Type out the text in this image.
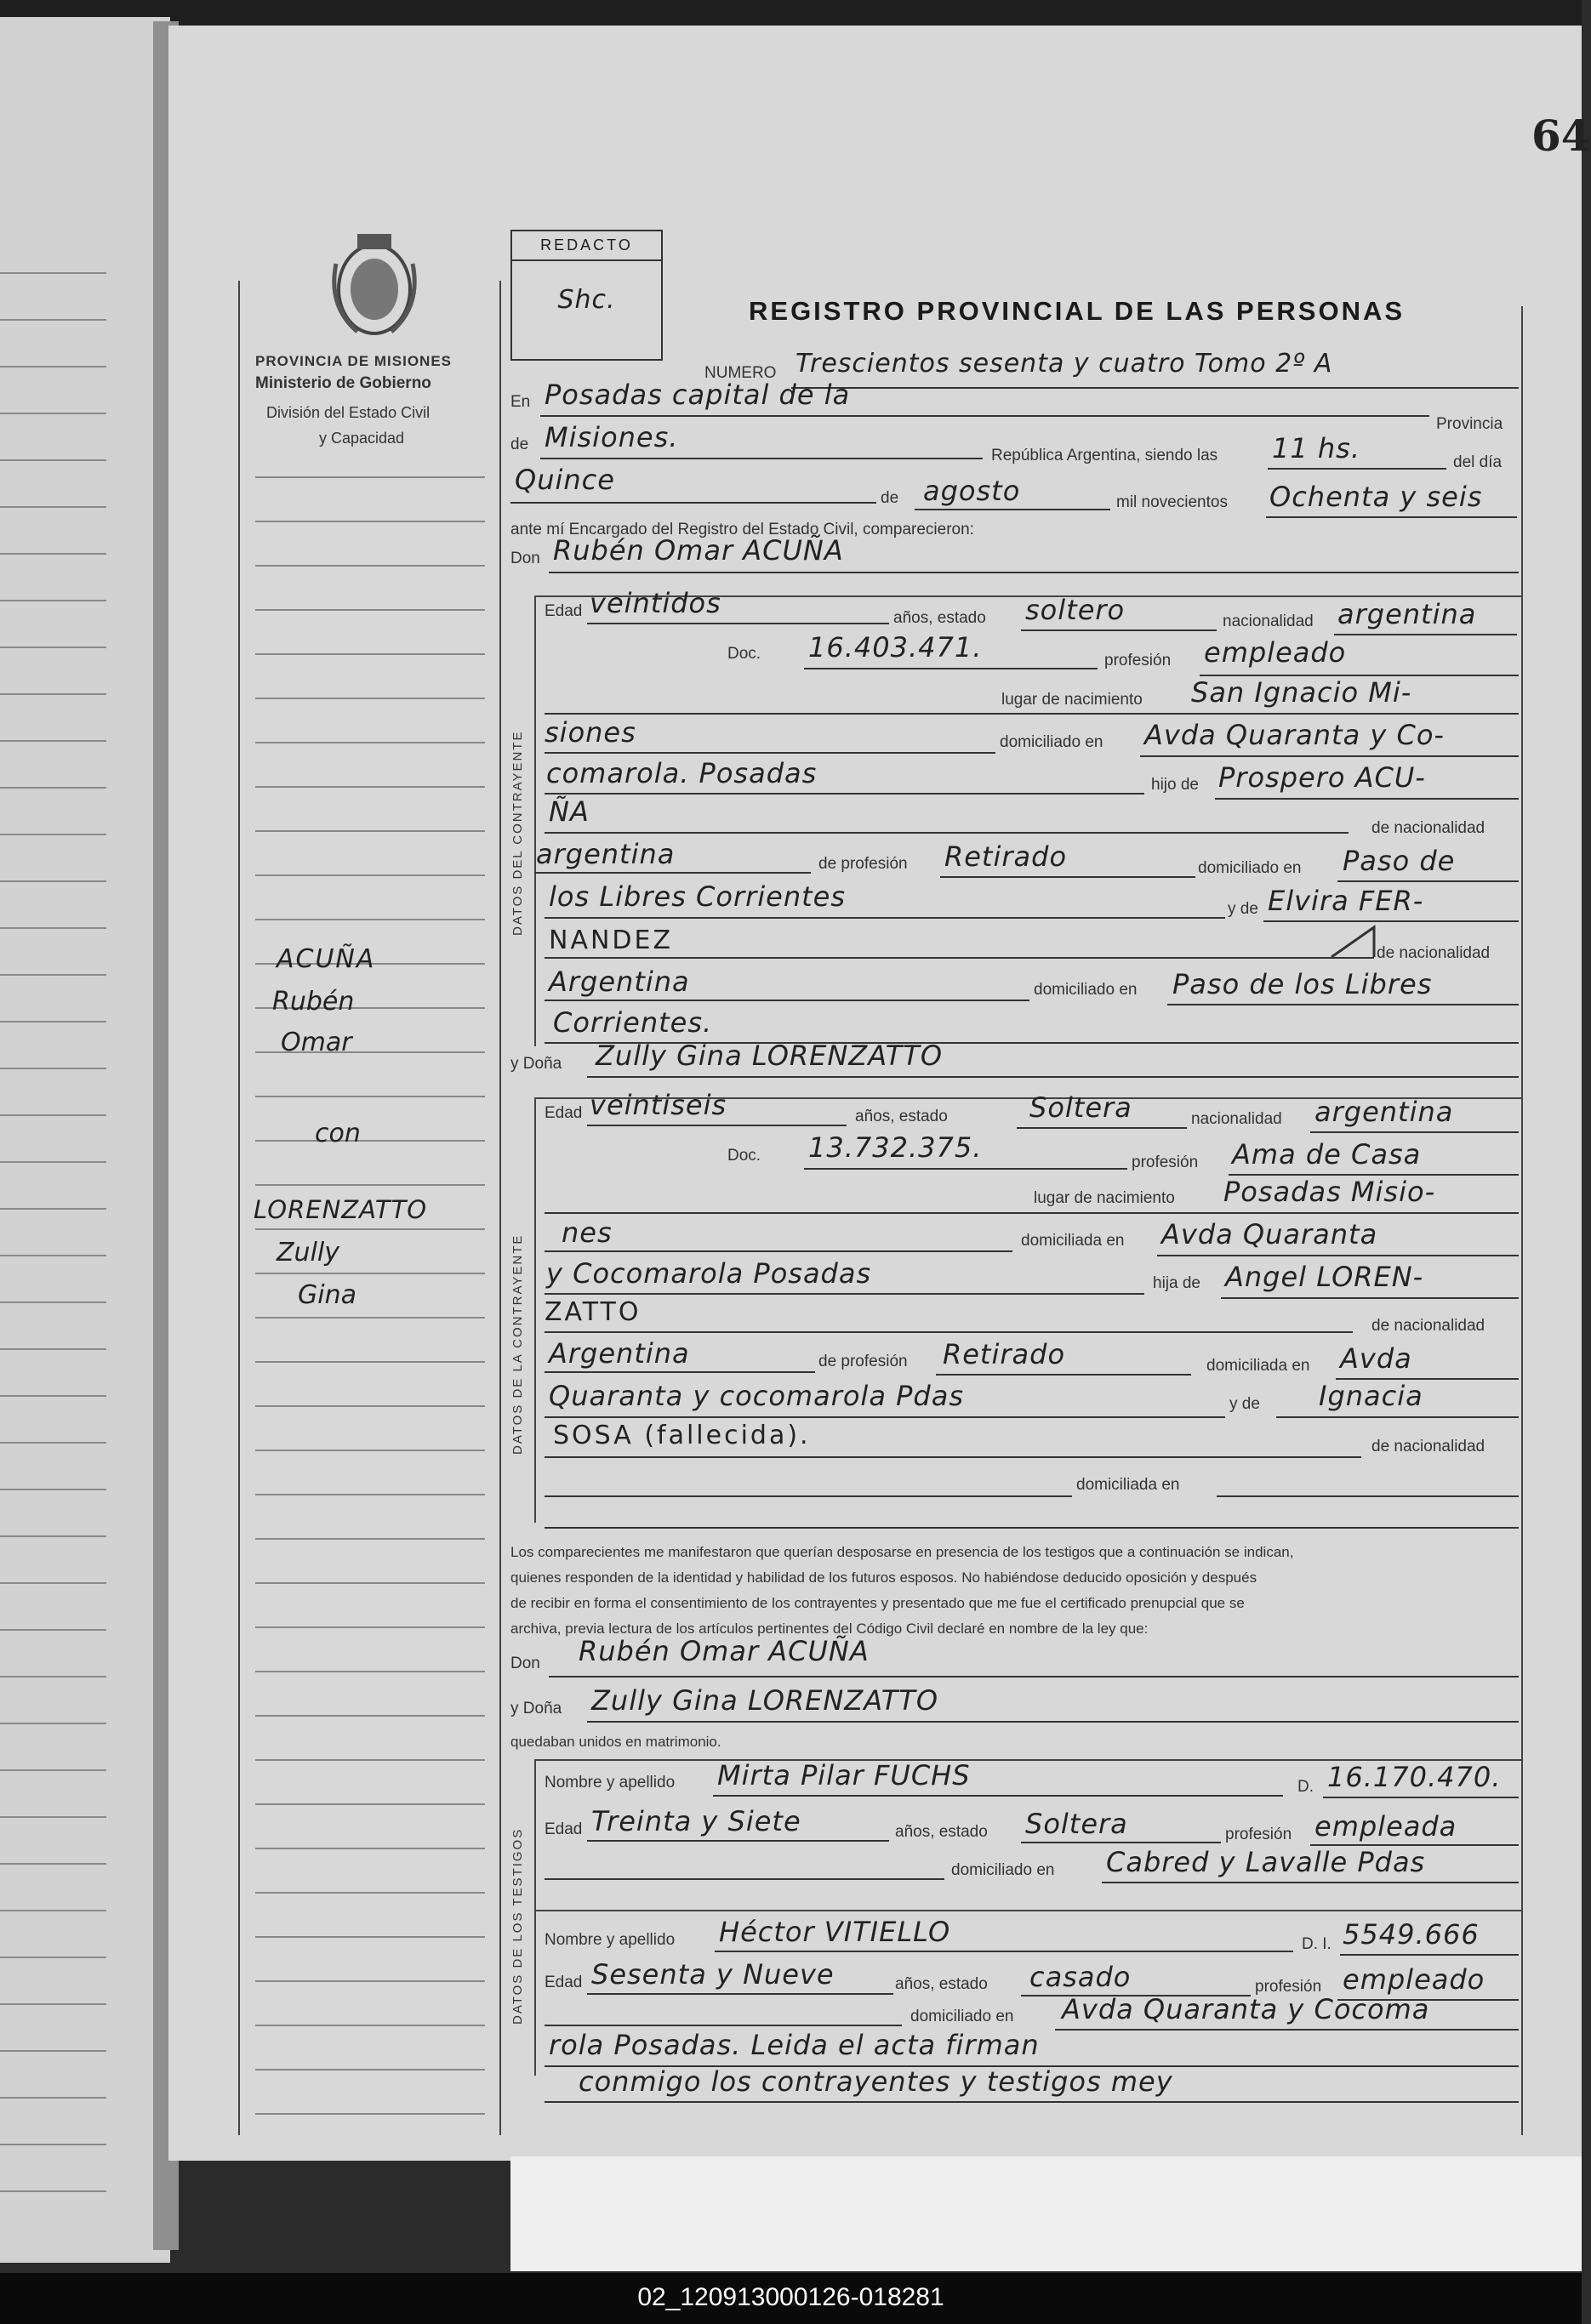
64
PROVINCIA DE MISIONES
Ministerio de Gobierno
División del Estado Civil
y Capacidad
REDACTO
Shc.	REGISTRO PROVINCIAL DE LAS PERSONAS
ACUÑA
Rubén
Omar
con
LORENZATTO
Zully
Gina
DATOS DEL CONTRAYENTE
DATOS DE LA CONTRAYENTE
DATOS DE LOS TESTIGOS
NUMERO Trescientos sesenta y cuatro Tomo 2º A
En Posadas capital de la
Provincia
de Misiones.
República Argentina, siendo las 11 hs.	del día
Quince
de agosto	mil novecientos Ochenta y seis
ante mí Encargado del Registro del Estado Civil, comparecieron:
Don Rubén Omar ACUÑA
Edad veintidos	años, estado soltero	nacionalidad argentina
Doc. 16.403.471.	profesión empleado
lugar de nacimiento San Ignacio Mi-
siones	domiciliado en Avda Quaranta y Co-
comarola. Posadas	hijo de Prospero ACU-
ÑA
de nacionalidad
argentina	de profesión Retirado	domiciliado en Paso de
los Libres Corrientes	y de Elvira FER-
NANDEZ	de nacionalidad
Argentina	domiciliado en Paso de los Libres
Corrientes.
y Doña Zully Gina LORENZATTO
Edad veintiseis	años, estado	Soltera	nacionalidad argentina
Doc. 13.732.375.	profesión Ama de Casa
lugar de nacimiento Posadas Misio-
nes	domiciliada en Avda Quaranta
y Cocomarola Posadas	hija de Angel LOREN-
ZATTO	de nacionalidad
Argentina	de profesión Retirado	domiciliada en Avda
Quaranta y cocomarola Pdas	y de Ignacia
SOSA (fallecida).	de nacionalidad
domiciliada en
Los comparecientes me manifestaron que querían desposarse en presencia de los testigos que a continuación se indican,
quienes responden de la identidad y habilidad de los futuros esposos. No habiéndose deducido oposición y después
de recibir en forma el consentimiento de los contrayentes y presentado que me fue el certificado prenupcial que se
archiva, previa lectura de los artículos pertinentes del Código Civil declaré en nombre de la ley que:
Don Rubén Omar ACUÑA
y Doña Zully Gina LORENZATTO
quedaban unidos en matrimonio.
Nombre y apellido Mirta Pilar FUCHS	D. 16.170.470.
Edad Treinta y Siete	años, estado Soltera	profesión empleada
domiciliado en Cabred y Lavalle Pdas
Nombre y apellido Héctor VITIELLO	D. I. 5549.666
Edad Sesenta y Nueve	años, estado casado	profesión empleado
domiciliado en Avda Quaranta y Cocoma
rola Posadas. Leida el acta firman
conmigo los contrayentes y testigos mey
02_120913000126-018281
